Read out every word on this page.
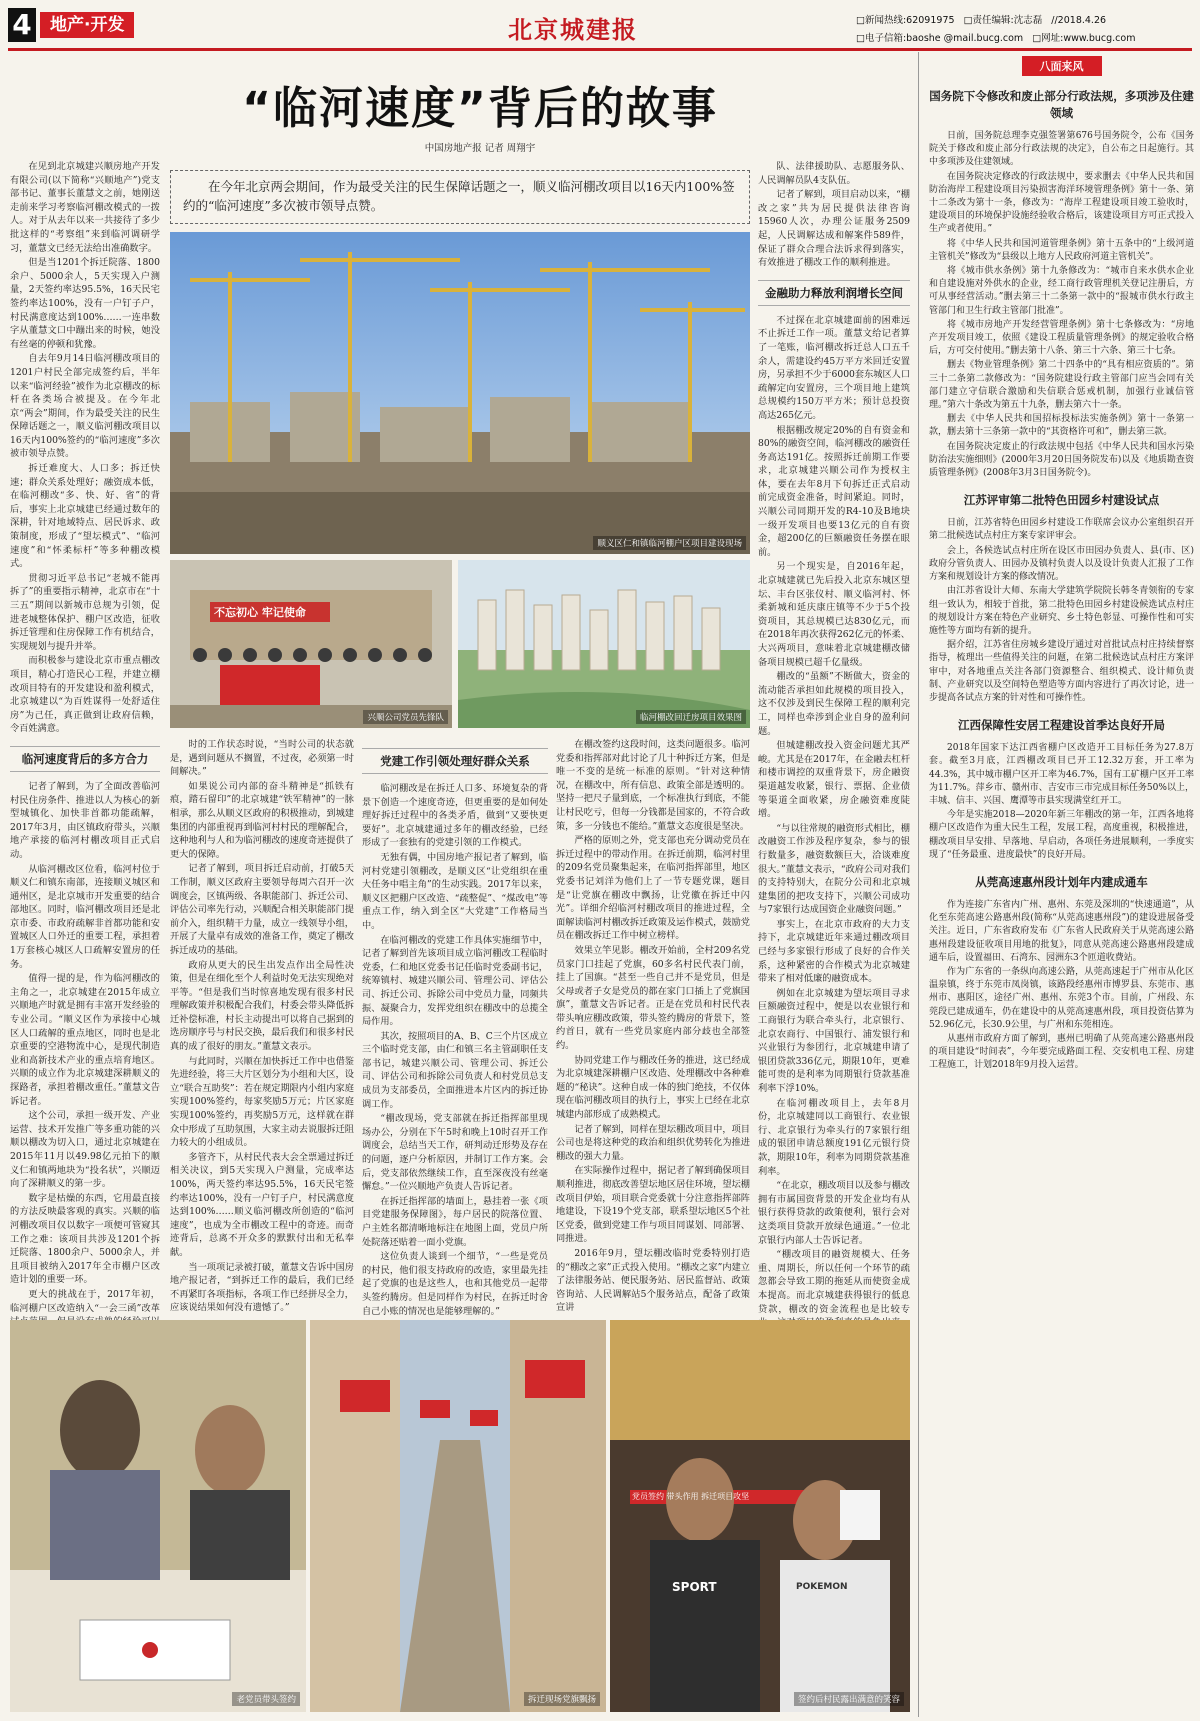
4	地产·开发	北京城建报	□新闻热线:62091975 □责任编辑:沈志磊 //2018.4.26
□电子信箱:baoshe @mail.bucg.com □网址:www.bucg.com
“临河速度”背后的故事
中国房地产报 记者 周翔宇
在今年北京两会期间，作为最受关注的民生保障话题之一，顺义临河棚改项目以16天内100%签约的“临河速度”多次被市领导点赞。

在见到北京城建兴顺房地产开发有限公司(以下简称“兴顺地产”)党支部书记、董事长董慧文之前，她刚送走前来学习考察临河棚改模式的一拨人。对于从去年以来一共接待了多少批这样的“考察组”来到临河调研学习，董慧文已经无法给出准确数字。

但是当1201个拆迁院落、1800余户、5000余人，5天实现入户测量，2天签约率达95.5%，16天民宅签约率达100%，没有一户钉子户，村民满意度达到100%……一连串数字从董慧文口中蹦出来的时候，她没有丝毫的停顿和犹豫。

自去年9月14日临河棚改项目的1201户村民全部完成签约后，半年以来“临河经验”被作为北京棚改的标杆在各类场合被提及。在今年北京“两会”期间，作为最受关注的民生保障话题之一，顺义临河棚改项目以16天内100%签约的“临河速度”多次被市领导点赞。

拆迁难度大、人口多；拆迁快速；群众关系处理好；融资成本低，在临河棚改“多、快、好、省”的背后，事实上北京城建已经通过数年的深耕，针对地域特点、居民诉求、政策制度，形成了“望坛模式”、“临河速度”和“怀柔标杆”等多种棚改模式。

贯彻习近平总书记“老城不能再拆了”的重要指示精神，北京市在“十三五”期间以新城市总规为引领，促进老城整体保护、棚户区改造，征收拆迁管理和住房保障工作有机结合，实现规划与提升并举。

而积极参与建设北京市重点棚改项目，精心打造民心工程，并建立棚改项目特有的开发建设和盈利模式，北京城建以“为百姓谋得一处舒适住房”为己任，真正做到让政府信赖，令百姓满意。

临河速度背后的多方合力

记者了解到，为了全面改善临河村民住房条件、推进以人为核心的新型城镇化、加快非首都功能疏解，2017年3月，由区镇政府带头，兴顺地产承接的临河村棚改项目正式启动。

从临河棚改区位看，临河村位于顺义仁和镇东南部，连接顺义城区和通州区，是北京城市开发重要的结合部地区。同时，临河棚改项目还是北京市委、市政府疏解非首都功能和安置城区人口外迁的重要工程，承担着1万套核心城区人口疏解安置房的任务。

值得一提的是，作为临河棚改的主角之一，北京城建在2015年成立兴顺地产时就是拥有丰富开发经验的专业公司。“顺义区作为承接中心城区人口疏解的重点地区，同时也是北京重要的空港物流中心，是现代制造业和高新技术产业的重点培育地区。兴顺的成立作为北京城建深耕顺义的探路者，承担着棚改重任。”董慧文告诉记者。

这个公司，承担一级开发、产业运营、技术开发推广等多重功能的兴顺以棚改为切入口，通过北京城建在2015年11月以49.98亿元拍下的顺义仁和镇两地块为“投名状”，兴顺迈向了深耕顺义的第一步。

数字是枯燥的东西，它用最直接的方法反映最客观的真实。兴顺的临河棚改项目仅以数字一项便可管窥其工作之难：该项目共涉及1201个拆迁院落、1800余户、5000余人，并且项目被纳入2017年全市棚户区改造计划的重要一环。

更大的挑战在于，2017年初，临河棚户区改造纳入“一会三函”改革

顺义区仁和镇临河棚户区项目建设现场
不忘初心 牢记使命
兴顺公司党员先锋队	临河棚改回迁房项目效果图

时的工作状态时说，“当时公司的状态就是，遇到问题从不搁置，不过夜，必须第一时间解决。”

如果说公司内部的奋斗精神是“抓铁有痕，踏石留印”的北京城建“铁军精神”的一脉相承，那么从顺义区政府的积极推动，到城建集团的内部重视再到临河村村民的理解配合，这种地利与人和为临河棚改的速度奇迹提供了更大的保障。

记者了解到，项目拆迁启动前，打破5天工作制，顺义区政府主要领导每周六召开一次调度会，区镇两级、各职能部门、拆迁公司、评估公司率先行动，兴顺配合相关职能部门提前介入，组织精干力量，成立一线领导小组，开展了大量卓有成效的准备工作，奠定了棚改拆迁成功的基础。

政府从更大的民生出发点作出全局性决策，但是在细化至个人利益时免无法实现绝对平等。“但是我们当时惊喜地发现有很多村民理解政策并积极配合我们，村委会带头降低拆迁补偿标准，村长主动提出可以将自己据到的选房顺序号与村民交换，最后我们和很多村民真的成了很好的朋友。”董慧文表示。

与此同时，兴顺在加快拆迁工作中也借鉴先进经验，将三大片区划分为小组和大区，设立“联合互助奖”：若在规定期限内小组内家庭实现100%签约，每家奖励5万元；片区家庭实现100%签约，再奖励5万元，这样就在群众中形成了互助氛围，大家主动去说服拆迁阻力较大的小组成员。

多管齐下，从村民代表大会全票通过拆迁相关决议，到5天实现入户测量，完成率达100%，两天签约率达95.5%，16天民宅签约率达100%，没有一户钉子户，村民满意度达到100%……顺义临河棚改所创造的“临河速度”，也成为全市棚改工程中的奇迹。而奇迹背后，总离不开众多的默默付出和无私奉献。

当一项项记录被打破，董慧文告诉中国房地产报记者，“到拆迁工作的最后，我们已经不再紧盯各项指标，各项工作已经拼尽全力，应该说结果如何没有遗憾了。”

党建工作引领处理好群众关系

临河棚改是在拆迁人口多、环境复杂的背景下创造一个速度奇迹，但更重要的是如何处理好拆迁过程中的各类矛盾，做到“又要快更要好”。北京城建通过多年的棚改经验，已经形成了一套独有的党建引领的工作模式。

无独有偶，中国房地产报记者了解到，临河村党建引领棚改，是顺义区“让党组织在重大任务中唱主角”的生动实践。2017年以来，顺义区把棚户区改造、“疏整促”、“煤改电”等重点工作，纳入到全区“大党建”工作格局当中。

在临河棚改的党建工作具体实施细节中，记者了解到首先该项目成立临河棚改工程临时党委，仁和地区党委书记任临时党委副书记，统筹镇村、城建兴顺公司、管理公司、评估公司、拆迁公司、拆除公司中党员力量，同频共振、凝聚合力，发挥党组织在棚改中的总揽全局作用。

其次，按照项目的A、B、C三个片区成立三个临时党支部，由仁和镇三名主管副职任支部书记，城建兴顺公司、管理公司、拆迁公司、评估公司和拆除公司负责人和村党员总支成员为支部委员，全面推进本片区内的拆迁协调工作。

“棚改现场，党支部就在拆迁指挥部里现场办公，分别在下午5时和晚上10时召开工作调度会，总结当天工作，研判动迁形势及存在的问题，逐户分析原因，并制订工作方案。会后，党支部依然继续工作，直至深夜没有丝毫懈怠。”一位兴顺地产负责人告诉记者。

在拆迁指挥部的墙面上，悬挂着一张《项目党建服务保障图》，每户居民的院落位置、户主姓名都清晰地标注在地图上面，党员户所处院落还贴着一面小党旗。

这位负责人谈到一个细节，“一些是党员的村民，他们很支持政府的改造，家里最先挂起了党旗的也是这些人，也和其他党员一起带头签约腾房。但是同样作为村民，在拆迁时舍自己小账的情况也是能够理解的。”

在棚改签约这段时间，这类问题很多。临河党委和指挥部对此讨论了几十种拆迁方案，但是唯一不变的是统一标准的原则。“针对这种情况，在棚改中，所有信息、政策全部是透明的。坚持一把尺子量到底，一个标准执行到底，不能让村民吃亏，但每一分钱都是国家的，不符合政策，多一分钱也不能给。”董慧文态度很是坚决。

严格的原则之外，党支部也充分调动党员在拆迁过程中的带动作用。在拆迁前期，临河村里的209名党员聚集起来，在临河指挥部里，地区党委书记刘洋为他们上了一节专题党课，题目是“让党旗在棚改中飘扬，让党徽在拆迁中闪光”。详细介绍临河村棚改项目的推进过程，全面解读临河村棚改拆迁政策及运作模式，鼓励党员在棚改拆迁工作中树立榜样。

效果立竿见影。棚改开始前，全村209名党员家门口挂起了党旗，60多名村民代表门前，挂上了国旗。“甚至一些自己并不是党员，但是父母或者子女是党员的都在家门口插上了党旗国旗”，董慧文告诉记者。正是在党员和村民代表带头响应棚改政策，带头签约腾房的背景下，签约首日，就有一些党员家庭内部分歧也全部签约。

协同党建工作与棚改任务的推进，这已经成为北京城建深耕棚户区改造、处理棚改中各种难题的“秘诀”。这种自成一体的独门绝技，不仅体现在临河棚改项目的执行上，事实上已经在北京城建内部形成了成熟模式。

记者了解到，同样在望坛棚改项目中，项目公司也是将这种党的政治和组织优势转化为推进棚改的强大力量。

在实际操作过程中，据记者了解到确保项目顺利推进，彻底改善望坛地区居住环境，望坛棚改项目伊始，项目联合党委就十分注意指挥部阵地建设，下设19个党支部，联系望坛地区5个社区党委，做到党建工作与项目同谋划、同部署、同推进。

2016年9月，望坛棚改临时党委特别打造的“棚改之家”正式投入使用。“棚改之家”内建立了法律服务站、便民服务站、居民监督站、政策咨询站、人民调解站5个服务站点，配备了政策宣讲

队、法律援助队、志愿服务队、人民调解员队4支队伍。

记者了解到，项目启动以来，“棚改之家”共为居民提供法律咨询15960人次，办理公证服务2509起，人民调解达成和解案件589件，保证了群众合理合法诉求得到落实，有效推进了棚改工作的顺利推进。

金融助力释放利润增长空间

不过探在北京城建面前的困难远不止拆迁工作一项。董慧文给记者算了一笔账，临河棚改拆迁总人口五千余人，需建设约45万平方米回迁安置房，另承担不少于6000套东城区人口疏解定向安置房，三个项目地上建筑总规模约150万平方米；预计总投资高达265亿元。

根据棚改规定20%的自有资金和80%的融资空间，临河棚改的融资任务高达191亿。按照拆迁前期工作要求，北京城建兴顺公司作为授权主体，要在去年8月下旬拆迁正式启动前完成资金准备，时间紧迫。同时，兴顺公司同期开发的R4-10及B地块一级开发项目也要13亿元的自有资金，超200亿的巨额融资任务摆在眼前。

另一个现实是，自2016年起，北京城建就已先后投入北京东城区望坛、丰台区张仪村、顺义临河村、怀柔新城和延庆康庄镇等不少于5个投资项目，其总规模已达830亿元，而在2018年再次获得262亿元的怀柔、大兴两项目，意味着北京城建棚改储备项目规模已超千亿量级。

棚改的“虽额”不断做大，资金的流动能否承担如此规模的项目投入，这不仅涉及到民生保障工程的顺利完工，同样也牵涉到企业自身的盈利问题。

但城建棚改投入资金问题尤其严峻。尤其是在2017年，在金融去杠杆和楼市调控的双重背景下，房企融资渠道越发收紧，银行、票据、企业债等渠道全面收紧，房企融资难度陡增。

“与以往常规的融资形式相比，棚改融资工作涉及程序复杂，参与的银行数量多，融资数额巨大，洽谈难度很大。”董慧文表示，“政府公司对我们的支持特别大，在院分公司和北京城建集团的把攻支持下，兴顺公司成功与7家银行达成国资企业融资问题。”

事实上，在北京市政府的大力支持下，北京城建近年来通过棚改项目已经与多家银行形成了良好的合作关系，这种紧密的合作模式为北京城建带来了相对低廉的融资成本。

例如在北京城建为望坛项目寻求巨额融资过程中，便是以农业银行和工商银行为联合牵头行，北京银行、北京农商行、中国银行、浦发银行和兴业银行为参团行，北京城建申请了银团贷款336亿元，期限10年，更难能可贵的是利率为同期银行贷款基准利率下浮10%。

在临河棚改项目上，去年8月份，北京城建同以工商银行、农业银行、北京银行为牵头行的7家银行组成的银团申请总额度191亿元银行贷款，期限10年，利率为同期贷款基准利率。

“在北京，棚改项目以及参与棚改拥有市属国资背景的开发企业均有从银行获得贷款的政策便利，银行会对这类项目贷款开放绿色通道。”一位北京银行内部人士告诉记者。

“棚改项目的融资规模大、任务重、周期长，所以任何一个环节的疏忽都会导致工期的拖延从而使资金成本提高。而北京城建获得银行的低息贷款，棚改的资金流程也是比较专

老党员带头签约	拆迁现场党旗飘扬
党员签约 带头作用 拆迁项目攻坚
SPORT	POKEMON
签约后村民露出满意的笑容
八面来风
国务院下令修改和废止部分行政法规，多项涉及住建领域

日前，国务院总理李克强签署第676号国务院令，公布《国务院关于修改和废止部分行政法规的决定》，自公布之日起施行。其中多项涉及住建领域。

在国务院决定修改的行政法规中，要求删去《中华人民共和国防治海岸工程建设项目污染损害海洋环境管理条例》第十一条、第十二条改为第十一条，修改为：“海岸工程建设项目竣工验收时，建设项目的环境保护设施经验收合格后，该建设项目方可正式投入生产或者使用。”

将《中华人民共和国河道管理条例》第十五条中的“上级河道主管机关”修改为“县级以上地方人民政府河道主管机关”。

将《城市供水条例》第十九条修改为：“城市自来水供水企业和自建设施对外供水的企业，经工商行政管理机关登记注册后，方可从事经营活动。”删去第三十二条第一款中的“报城市供水行政主管部门和卫生行政主管部门批准”。

将《城市房地产开发经营管理条例》第十七条修改为：“房地产开发项目竣工，依照《建设工程质量管理条例》的规定验收合格后，方可交付使用。”删去第十八条、第三十六条、第三十七条。

删去《物业管理条例》第二十四条中的“具有相应资质的”。第三十二条第二款修改为：“国务院建设行政主管部门应当会同有关部门建立守信联合激励和失信联合惩戒机制，加强行业诚信管理。”第六十条改为第五十九条，删去第六十一条。

删去《中华人民共和国招标投标法实施条例》第十一条第一款，删去第十三条第一款中的“其资格许可和”，删去第三款。

在国务院决定废止的行政法规中包括《中华人民共和国水污染防治法实施细则》(2000年3月20日国务院发布)以及《地质勘查资质管理条例》(2008年3月3日国务院令)。

江苏评审第二批特色田园乡村建设试点

日前，江苏省特色田园乡村建设工作联席会议办公室组织召开第二批候选试点村庄方案专家评审会。

会上，各候选试点村庄所在设区市田园办负责人、县(市、区)政府分管负责人、田园办及镇村负责人以及设计负责人汇报了工作方案和规划设计方案的修改情况。

由江苏省设计大师、东南大学建筑学院院长韩冬青领衔的专家组一致认为，相较于首批，第二批特色田园乡村建设候选试点村庄的规划设计方案在特色产业研究、乡土特色彰显、可操作性和可实施性等方面均有新的提升。

据介绍，江苏省住房城乡建设厅通过对首批试点村庄持续督察指导，梳理出一些值得关注的问题，在第二批候选试点村庄方案评审中，对各地重点关注各部门资源整合、组织模式、设计师负责制、产业研究以及空间特色塑造等方面内容进行了再次讨论，进一步提高各试点方案的针对性和可操作性。

江西保障性安居工程建设首季达良好开局

2018年国家下达江西省棚户区改造开工目标任务为27.8万套。截至3月底，江西棚改项目已开工12.32万套，开工率为44.3%，其中城市棚户区开工率为46.7%，国有工矿棚户区开工率为11.7%。萍乡市、赣州市、吉安市三市完成目标任务50%以上，丰城、信丰、兴国、鹰潭等市县实现满堂红开工。

今年是实施2018—2020年新三年棚改的第一年，江西各地将棚户区改造作为重大民生工程，发展工程，高度重视，积极推进，棚改项目早安排、早落地、早启动，各项任务进展顺利，一季度实现了“任务最重、进度最快”的良好开局。

从莞高速惠州段计划年内建成通车

作为连接广东省内广州、惠州、东莞及深圳的“快速通道”，从化至东莞高速公路惠州段(简称“从莞高速惠州段”)的建设进展备受关注。近日，广东省政府发布《广东省人民政府关于从莞高速公路惠州段建设征收项目用地的批复》，同意从莞高速公路惠州段建成通车后，设置福田、石湾东、园洲东3个匝道收费站。

作为广东省的一条纵向高速公路，从莞高速起于广州市从化区温泉镇，终于东莞市凤岗镇，该路段经惠州市博罗县、东莞市、惠州市、惠阳区，途径广州、惠州、东莞3个市。目前，广州段、东莞段已建成通车，仍在建设中的从莞高速惠州段，项目投资估算为52.96亿元，长30.9公里，与广州和东莞相连。

从惠州市政府方面了解到，惠州已明确了从莞高速公路惠州段的项目建设“时间表”，今年要完成路面工程、交安机电工程、房建工程施工，计划2018年9月投入运营。
